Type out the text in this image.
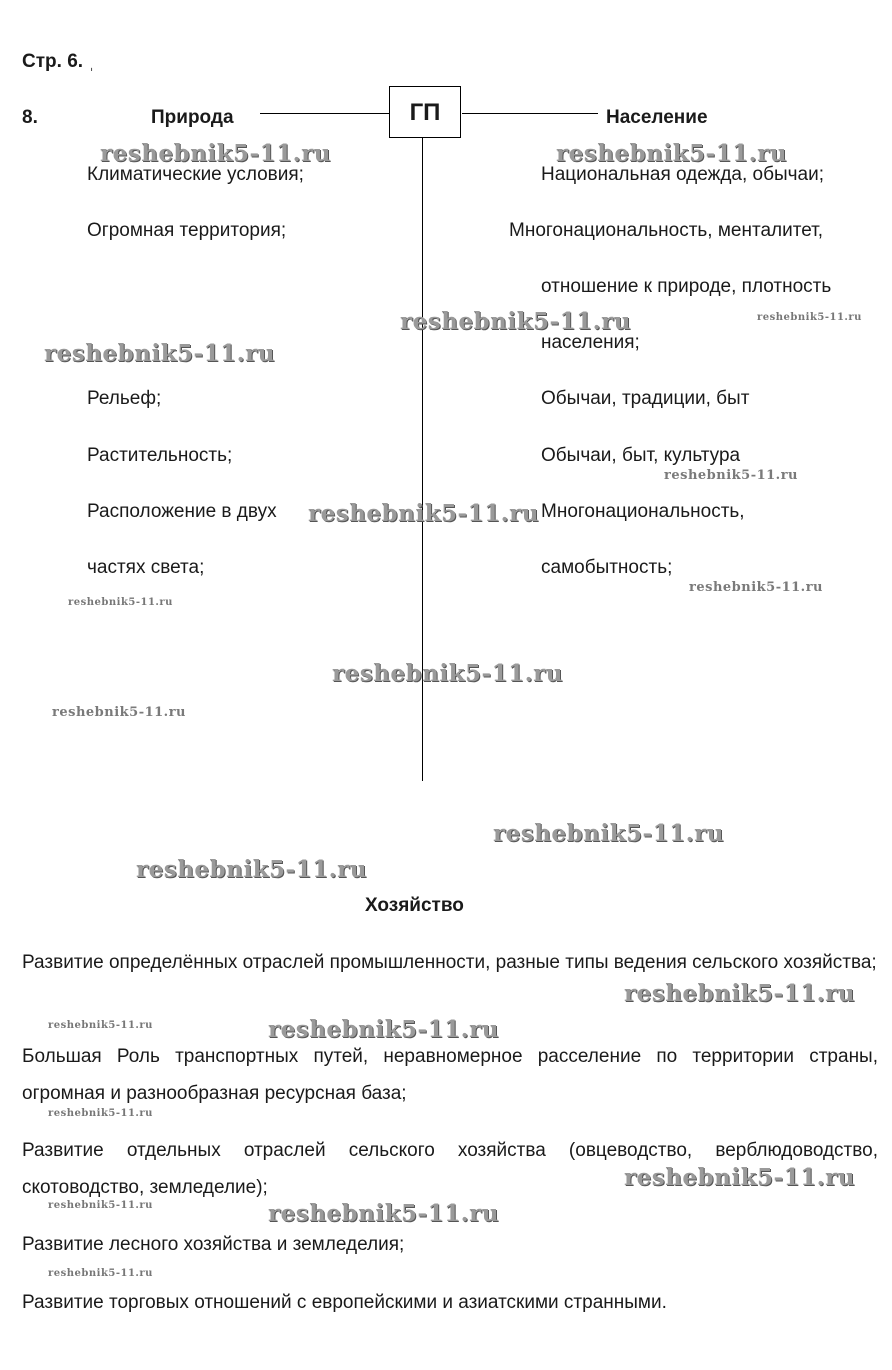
Стр. 6. ˌ
8.	ГП
Природа	Население
Климатические условия;
Огромная территория;
Рельеф;
Растительность;
Расположение в двух
частях света;
Национальная одежда, обычаи;
Многонациональность, менталитет,
отношение к природе, плотность
населения;
Обычаи, традиции, быт
Обычаи, быт, культура
Многонациональность,
самобытность;
Хозяйство
Развитие определённых отраслей промышленности, разные типы ведения сельского хозяйства;
Большая Роль транспортных путей, неравномерное расселение по территории страны, огромная и разнообразная ресурсная база;
Развитие отдельных отраслей сельского хозяйства (овцеводство, верблюдоводство, скотоводство, земледелие);
Развитие лесного хозяйства и земледелия;
Развитие торговых отношений с европейскими и азиатскими странными.
reshebnik5-11.ru	reshebnik5-11.ru
reshebnik5-11.ru	reshebnik5-11.ru
reshebnik5-11.ru
reshebnik5-11.ru
reshebnik5-11.ru
reshebnik5-11.ru
reshebnik5-11.ru
reshebnik5-11.ru
reshebnik5-11.ru
reshebnik5-11.ru
reshebnik5-11.ru
reshebnik5-11.ru
reshebnik5-11.ru	reshebnik5-11.ru
reshebnik5-11.ru
reshebnik5-11.ru
reshebnik5-11.ru	reshebnik5-11.ru
reshebnik5-11.ru
